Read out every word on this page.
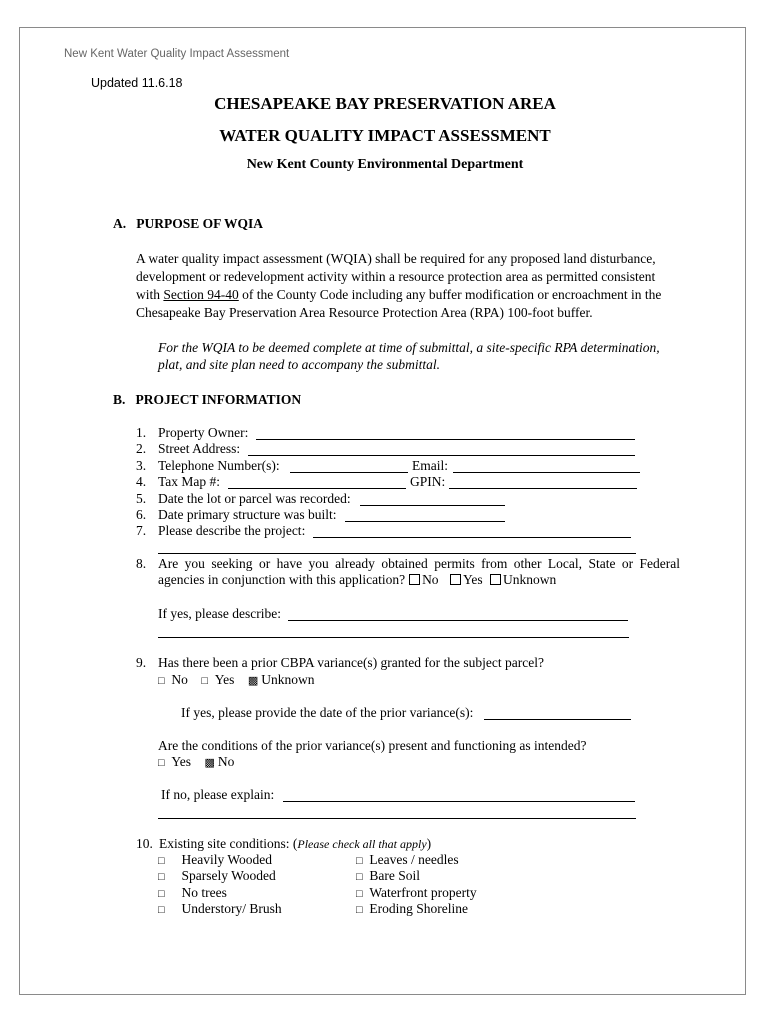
New Kent Water Quality Impact Assessment
Updated 11.6.18
CHESAPEAKE BAY PRESERVATION AREA
WATER QUALITY IMPACT ASSESSMENT
New Kent County Environmental Department
A.   PURPOSE OF WQIA
A water quality impact assessment (WQIA) shall be required for any proposed land disturbance,
development or redevelopment activity within a resource protection area as permitted consistent
with Section 94-40 of the County Code including any buffer modification or encroachment in the
Chesapeake Bay Preservation Area Resource Protection Area (RPA) 100-foot buffer.
For the WQIA to be deemed complete at time of submittal, a site-specific RPA determination,
plat, and site plan need to accompany the submittal.
B.   PROJECT INFORMATION
1. Property Owner:
2. Street Address:
3. Telephone Number(s):	Email:
4. Tax Map #:	GPIN:
5. Date the lot or parcel was recorded:
6. Date primary structure was built:
7. Please describe the project:
8. Are you seeking or have you already obtained permits from other Local, State or Federal
agencies in conjunction with this application? No Yes Unknown
If yes, please describe:
9. Has there been a prior CBPA variance(s) granted for the subject parcel?
□ No □ Yes ▩ Unknown
If yes, please provide the date of the prior variance(s):
Are the conditions of the prior variance(s) present and functioning as intended?
□ Yes ▩ No
If no, please explain:
10. Existing site conditions: (Please check all that apply)
□ Heavily Wooded
□ Sparsely Wooded
□ No trees
□ Understory/ Brush
□ Leaves / needles
□ Bare Soil
□ Waterfront property
□ Eroding Shoreline
